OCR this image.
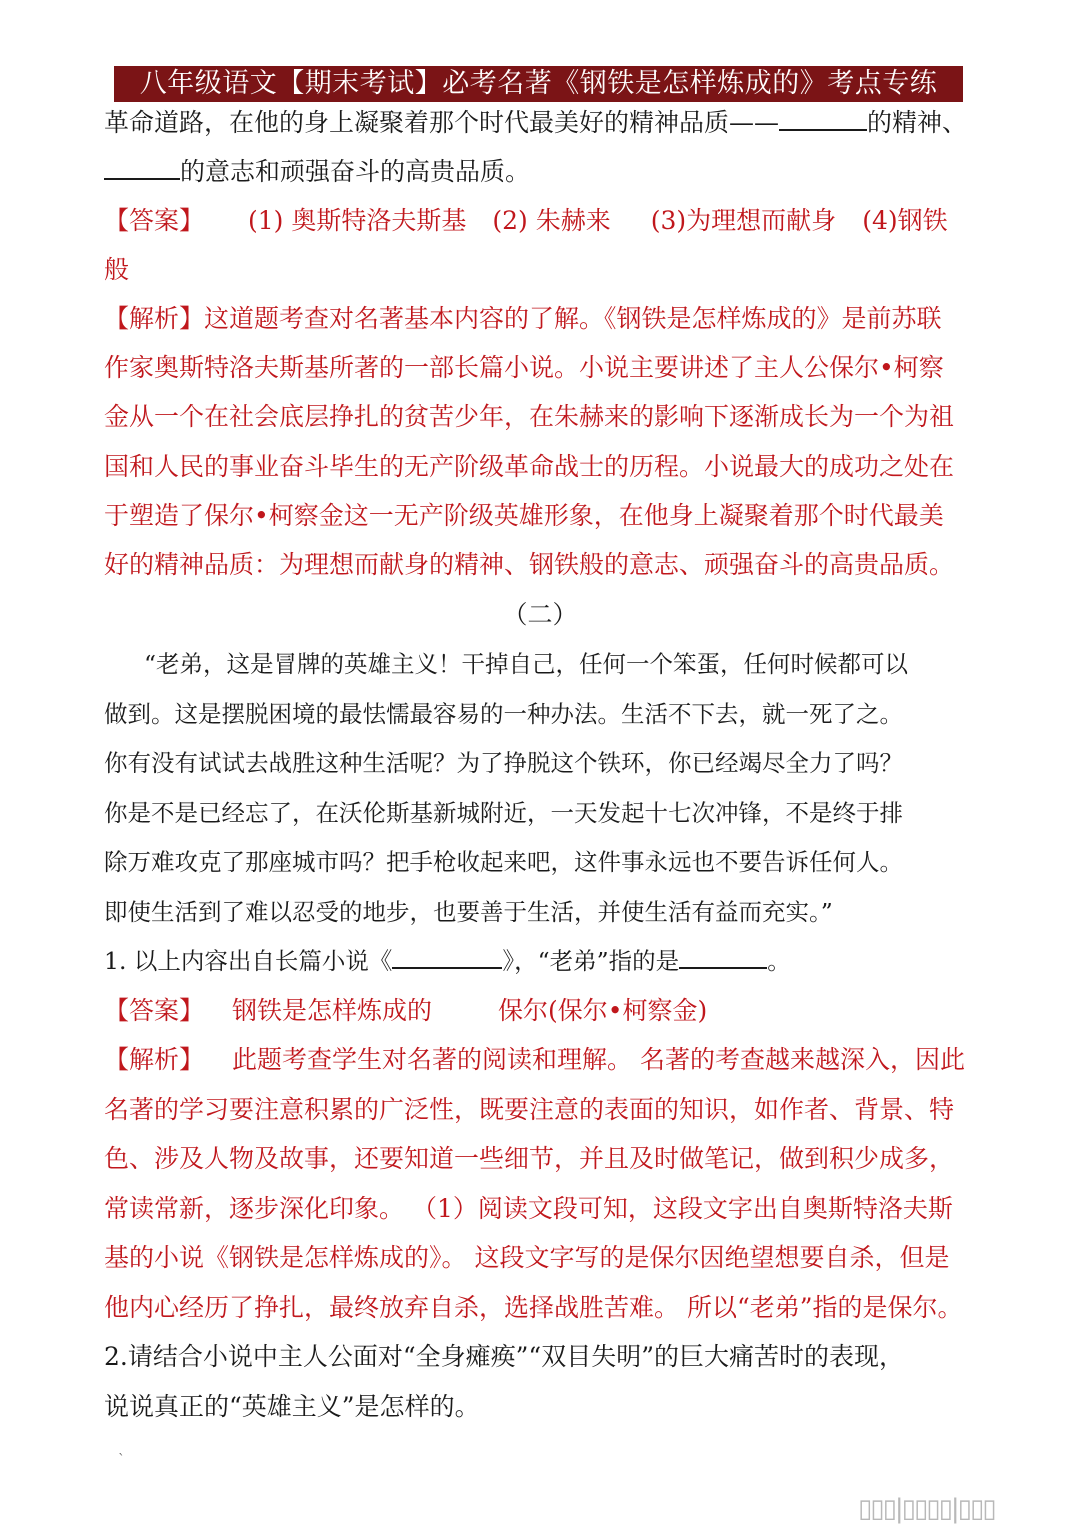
八年级语文【期末考试】必考名著《钢铁是怎样炼成的》考点专练
革命道路，在他的身上凝聚着那个时代最美好的精神品质——	的精神、
的意志和顽强奋斗的高贵品质。
【答案】 (1) 奥斯特洛夫斯基 (2) 朱赫来 (3)为理想而献身 (4)钢铁
般
【解析】这道题考查对名著基本内容的了解。《钢铁是怎样炼成的》是前苏联
作家奥斯特洛夫斯基所著的一部长篇小说。小说主要讲述了主人公保尔•柯察
金从一个在社会底层挣扎的贫苦少年，在朱赫来的影响下逐渐成长为一个为祖
国和人民的事业奋斗毕生的无产阶级革命战士的历程。小说最大的成功之处在
于塑造了保尔•柯察金这一无产阶级英雄形象，在他身上凝聚着那个时代最美
好的精神品质：为理想而献身的精神、钢铁般的意志、顽强奋斗的高贵品质。
（二）
“老弟，这是冒牌的英雄主义！干掉自己，任何一个笨蛋，任何时候都可以
做到。这是摆脱困境的最怯懦最容易的一种办法。生活不下去，就一死了之。
你有没有试试去战胜这种生活呢？为了挣脱这个铁环，你已经竭尽全力了吗？
你是不是已经忘了，在沃伦斯基新城附近，一天发起十七次冲锋，不是终于排
除万难攻克了那座城市吗？把手枪收起来吧，这件事永远也不要告诉任何人。
即使生活到了难以忍受的地步，也要善于生活，并使生活有益而充实。”
1. 以上内容出自长篇小说《	》，“老弟”指的是	。
【答案】 钢铁是怎样炼成的	保尔(保尔•柯察金)
【解析】 此题考查学生对名著的阅读和理解。 名著的考查越来越深入，因此
名著的学习要注意积累的广泛性，既要注意的表面的知识，如作者、背景、特
色、涉及人物及故事，还要知道一些细节，并且及时做笔记，做到积少成多，
常读常新，逐步深化印象。 （1）阅读文段可知，这段文字出自奥斯特洛夫斯
基的小说《钢铁是怎样炼成的》。 这段文字写的是保尔因绝望想要自杀，但是
他内心经历了挣扎，最终放弃自杀，选择战胜苦难。 所以“老弟”指的是保尔。
2.请结合小说中主人公面对“全身瘫痪”“双目失明”的巨大痛苦时的表现，
说说真正的“英雄主义”是怎样的。
`
▯▯▯|▯▯▯▯|▯▯▯
